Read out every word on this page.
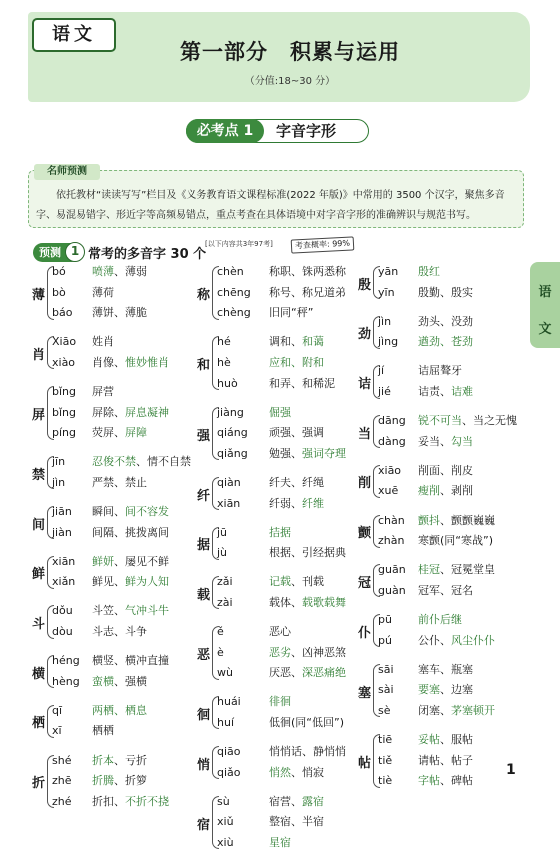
语文
第一部分　积累与运用
（分值:18~30 分）
必考点 1	字音字形
名师预测
依托教材“读读写写”栏目及《义务教育语文课程标准(2022 年版)》中常用的 3500 个汉字，聚焦多音字、易混易错字、形近字等高频易错点，重点考查在具体语境中对字音字形的准确辨识与规范书写。
预测 1 常考的多音字 30 个
[以下内容共3年97考]	考查概率: 99%
薄
bó 喷薄、薄弱
bò 薄荷
báo 薄饼、薄脆
肖
Xiāo 姓肖
xiào 肖像、惟妙惟肖
屏
bǐng 屏营
bǐng 屏除、屏息凝神
píng 荧屏、屏障
禁
jīn 忍俊不禁、情不自禁
jìn 严禁、禁止
间
jiān 瞬间、间不容发
jiàn 间隔、挑拨离间
鲜
xiān 鲜妍、屡见不鲜
xiǎn 鲜见、鲜为人知
斗
dǒu 斗笠、气冲斗牛
dòu 斗志、斗争
横
héng 横竖、横冲直撞
hèng 蛮横、强横
栖
qī	两栖、栖息
xī	栖栖
折
shé 折本、亏折
zhē 折腾、折箩
zhé 折扣、不折不挠
称
chèn 称职、铢两悉称
chēng 称号、称兄道弟
chèng 旧同“秤”
和
hé	调和、和蔼
hè	应和、附和
huò	和弄、和稀泥
强
jiàng 倔强
qiáng 顽强、强调
qiǎng 勉强、强词夺理
纤
qiàn	纤夫、纤绳
xiān	纤弱、纤维
据
jū	拮据
jù	根据、引经据典
载
zǎi	记载、刊载
zài	载体、载歌载舞
恶
ě	恶心
è	恶劣、凶神恶煞
wù	厌恶、深恶痛绝
徊
huái	徘徊
huí	低徊(同“低回”)
悄
qiāo	悄悄话、静悄悄
qiǎo	悄然、悄寂
宿
sù	宿营、露宿
xiǔ	整宿、半宿
xiù	星宿
殷
yān 殷红
yīn 殷勤、殷实
劲
jìn 劲头、没劲
jìng 遒劲、苍劲
诘
jí	诘屈聱牙
jié 诘责、诘难
当
dāng 锐不可当、当之无愧
dàng 妥当、勾当
削
xiāo 削面、削皮
xuē 瘦削、剥削
颤
chàn 颤抖、颤颤巍巍
zhàn 寒颤(同“寒战”)
冠
guān 桂冠、冠冕堂皇
guàn 冠军、冠名
仆
pū 前仆后继
pú 公仆、风尘仆仆
塞
sāi 塞车、瓶塞
sài 要塞、边塞
sè	闭塞、茅塞顿开
帖
tiē 妥帖、服帖
tiě 请帖、帖子
tiè 字帖、碑帖
语
文
1
